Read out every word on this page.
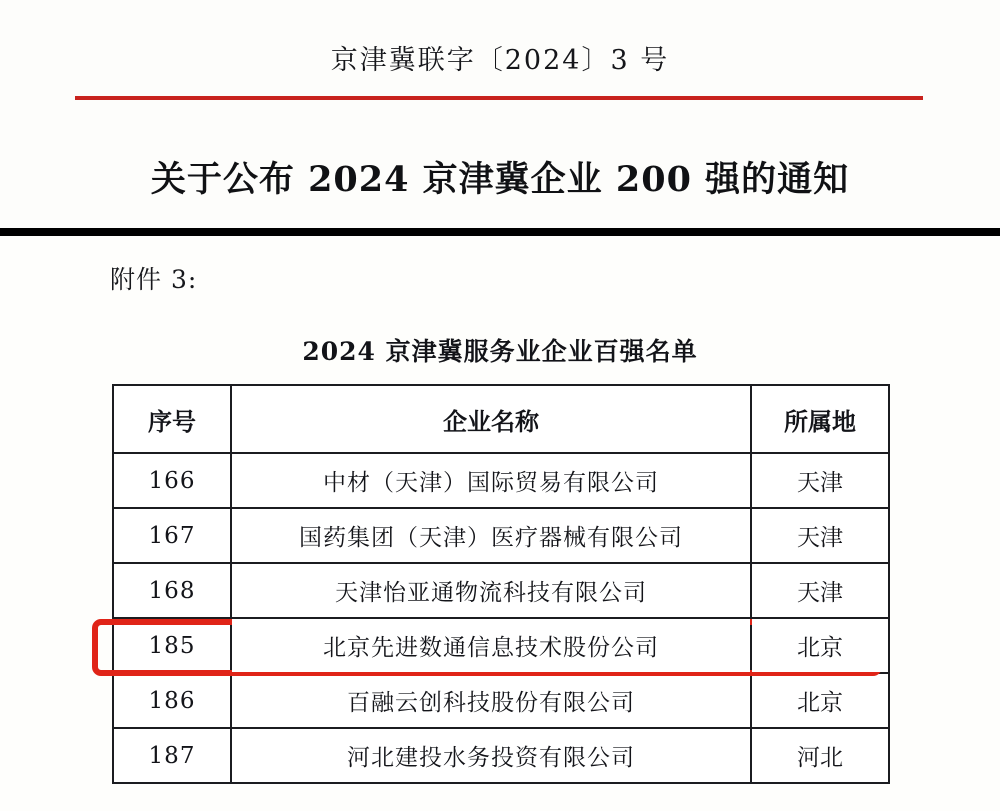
京津冀联字〔2024〕3 号
关于公布 2024 京津冀企业 200 强的通知
附件 3:
2024 京津冀服务业企业百强名单
序号	企业名称	所属地
166	中材（天津）国际贸易有限公司	天津
167	国药集团（天津）医疗器械有限公司	天津
168	天津怡亚通物流科技有限公司	天津
185	北京先进数通信息技术股份公司	北京
186	百融云创科技股份有限公司	北京
187	河北建投水务投资有限公司	河北
